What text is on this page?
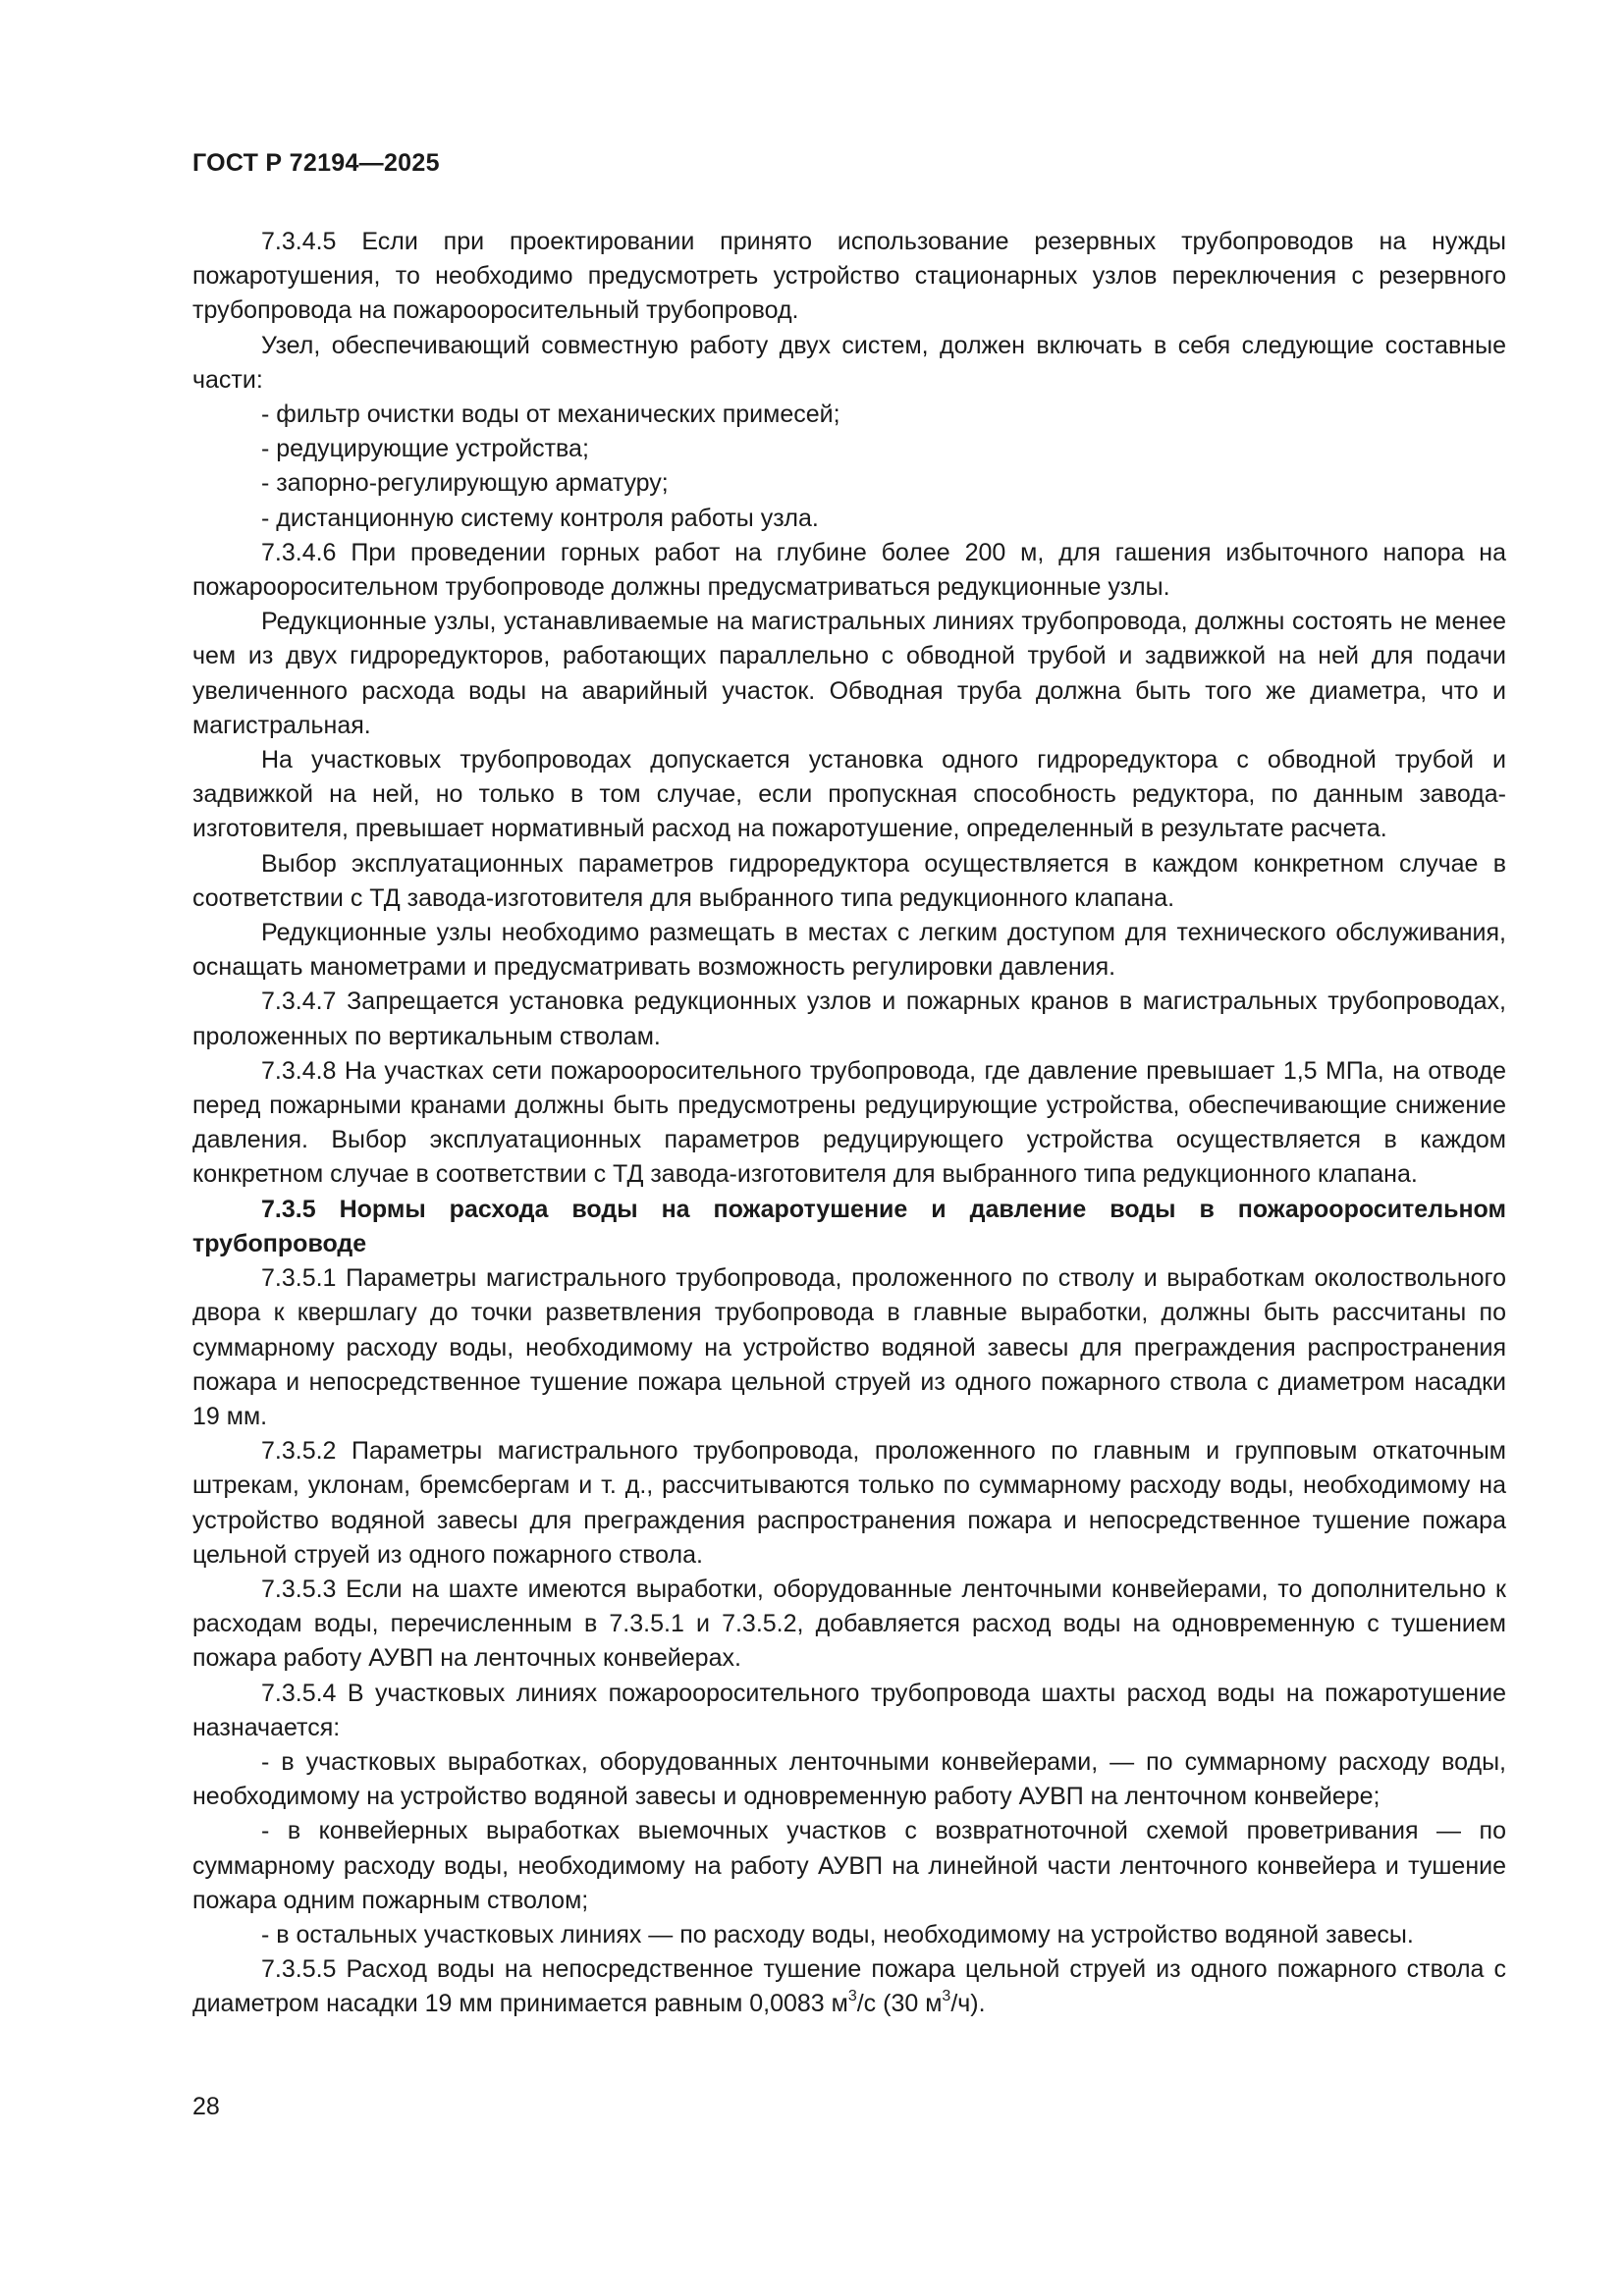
ГОСТ Р 72194—2025

7.3.4.5 Если при проектировании принято использование резервных трубопроводов на нужды пожаротушения, то необходимо предусмотреть устройство стационарных узлов переключения с резервного трубопровода на пожарооросительный трубопровод.

Узел, обеспечивающий совместную работу двух систем, должен включать в себя следующие составные части:

- фильтр очистки воды от механических примесей;

- редуцирующие устройства;

- запорно-регулирующую арматуру;

- дистанционную систему контроля работы узла.

7.3.4.6 При проведении горных работ на глубине более 200 м, для гашения избыточного напора на пожарооросительном трубопроводе должны предусматриваться редукционные узлы.

Редукционные узлы, устанавливаемые на магистральных линиях трубопровода, должны состоять не менее чем из двух гидроредукторов, работающих параллельно с обводной трубой и задвижкой на ней для подачи увеличенного расхода воды на аварийный участок. Обводная труба должна быть того же диаметра, что и магистральная.

На участковых трубопроводах допускается установка одного гидроредуктора с обводной трубой и задвижкой на ней, но только в том случае, если пропускная способность редуктора, по данным завода-изготовителя, превышает нормативный расход на пожаротушение, определенный в результате расчета.

Выбор эксплуатационных параметров гидроредуктора осуществляется в каждом конкретном случае в соответствии с ТД завода-изготовителя для выбранного типа редукционного клапана.

Редукционные узлы необходимо размещать в местах с легким доступом для технического обслуживания, оснащать манометрами и предусматривать возможность регулировки давления.

7.3.4.7 Запрещается установка редукционных узлов и пожарных кранов в магистральных трубопроводах, проложенных по вертикальным стволам.

7.3.4.8 На участках сети пожарооросительного трубопровода, где давление превышает 1,5 МПа, на отводе перед пожарными кранами должны быть предусмотрены редуцирующие устройства, обеспечивающие снижение давления. Выбор эксплуатационных параметров редуцирующего устройства осуществляется в каждом конкретном случае в соответствии с ТД завода-изготовителя для выбранного типа редукционного клапана.

7.3.5 Нормы расхода воды на пожаротушение и давление воды в пожарооросительном трубопроводе

7.3.5.1 Параметры магистрального трубопровода, проложенного по стволу и выработкам околоствольного двора к квершлагу до точки разветвления трубопровода в главные выработки, должны быть рассчитаны по суммарному расходу воды, необходимому на устройство водяной завесы для преграждения распространения пожара и непосредственное тушение пожара цельной струей из одного пожарного ствола с диаметром насадки 19 мм.

7.3.5.2 Параметры магистрального трубопровода, проложенного по главным и групповым откаточным штрекам, уклонам, бремсбергам и т. д., рассчитываются только по суммарному расходу воды, необходимому на устройство водяной завесы для преграждения распространения пожара и непосредственное тушение пожара цельной струей из одного пожарного ствола.

7.3.5.3 Если на шахте имеются выработки, оборудованные ленточными конвейерами, то дополнительно к расходам воды, перечисленным в 7.3.5.1 и 7.3.5.2, добавляется расход воды на одновременную с тушением пожара работу АУВП на ленточных конвейерах.

7.3.5.4 В участковых линиях пожарооросительного трубопровода шахты расход воды на пожаротушение назначается:

- в участковых выработках, оборудованных ленточными конвейерами, — по суммарному расходу воды, необходимому на устройство водяной завесы и одновременную работу АУВП на ленточном конвейере;

- в конвейерных выработках выемочных участков с возвратноточной схемой проветривания — по суммарному расходу воды, необходимому на работу АУВП на линейной части ленточного конвейера и тушение пожара одним пожарным стволом;

- в остальных участковых линиях — по расходу воды, необходимому на устройство водяной завесы.

7.3.5.5 Расход воды на непосредственное тушение пожара цельной струей из одного пожарного ствола с диаметром насадки 19 мм принимается равным 0,0083 $м^3/с$ (30 $м^3/ч$).

28
